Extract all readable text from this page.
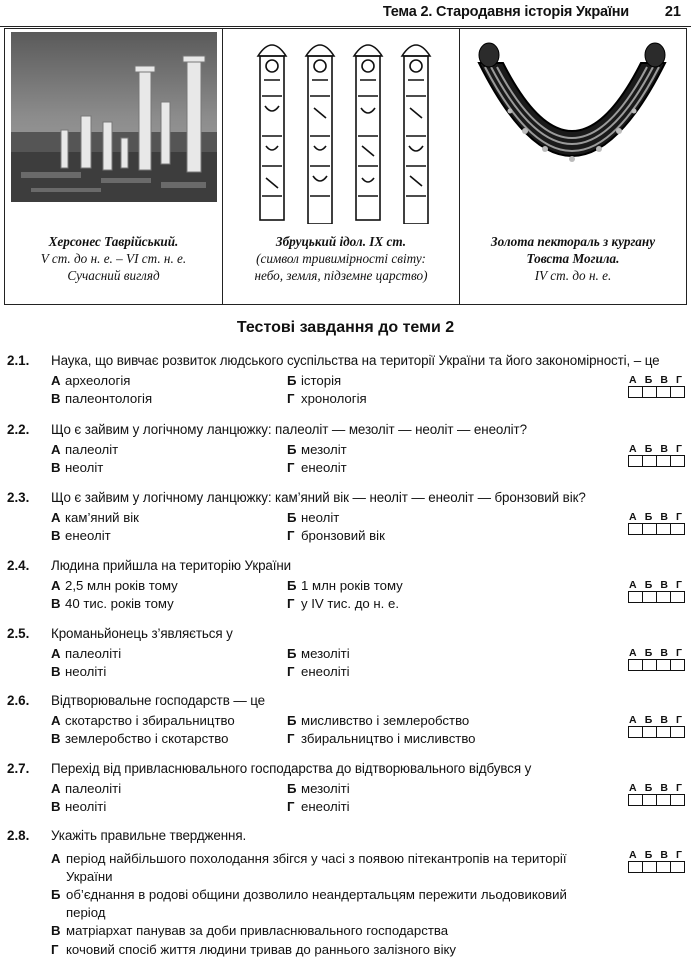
Тема 2. Стародавня історія України 21
Херсонес Таврійський.
V ст. до н. е. – VI ст. н. е.
Сучасний вигляд
Збруцький ідол. IX ст.
(символ тривимірності світу:
небо, земля, підземне царство)
Золота пектораль з кургану
Товста Могила.
IV ст. до н. е.
Тестові завдання до теми 2
2.1. Наука, що вивчає розвиток людського суспільства на території України та його закономірності, – це
А археологія	Б історія
В палеонтологія	Г хронологія
А Б В Г
2.2. Що є зайвим у логічному ланцюжку: палеоліт — мезоліт — неоліт — енеоліт?
А палеоліт	Б мезоліт
В неоліт	Г енеоліт
А Б В Г
2.3. Що є зайвим у логічному ланцюжку: кам’яний вік — неоліт — енеоліт — бронзовий вік?
А кам’яний вік	Б неоліт
В енеоліт	Г бронзовий вік
А Б В Г
2.4. Людина прийшла на територію України
А 2,5 млн років тому	Б 1 млн років тому
В 40 тис. років тому	Г у IV тис. до н. е.
А Б В Г
2.5. Кроманьйонець з’являється у
А палеоліті	Б мезоліті
В неоліті	Г енеоліті
А Б В Г
2.6. Відтворювальне господарств — це
А скотарство і збиральництво	Б мисливство і землеробство
В землеробство і скотарство	Г збиральництво і мисливство
А Б В Г
2.7. Перехід від привласнювального господарства до відтворювального відбувся у
А палеоліті	Б мезоліті
В неоліті	Г енеоліті
А Б В Г
2.8. Укажіть правильне твердження.
А період найбільшого похолодання збігся у часі з появою пітекантропів на території України
Б об’єднання в родові общини дозволило неандертальцям пережити льодовиковий період
В матріархат панував за доби привласнювального господарства
Г кочовий спосіб життя людини тривав до раннього залізного віку
А Б В Г
